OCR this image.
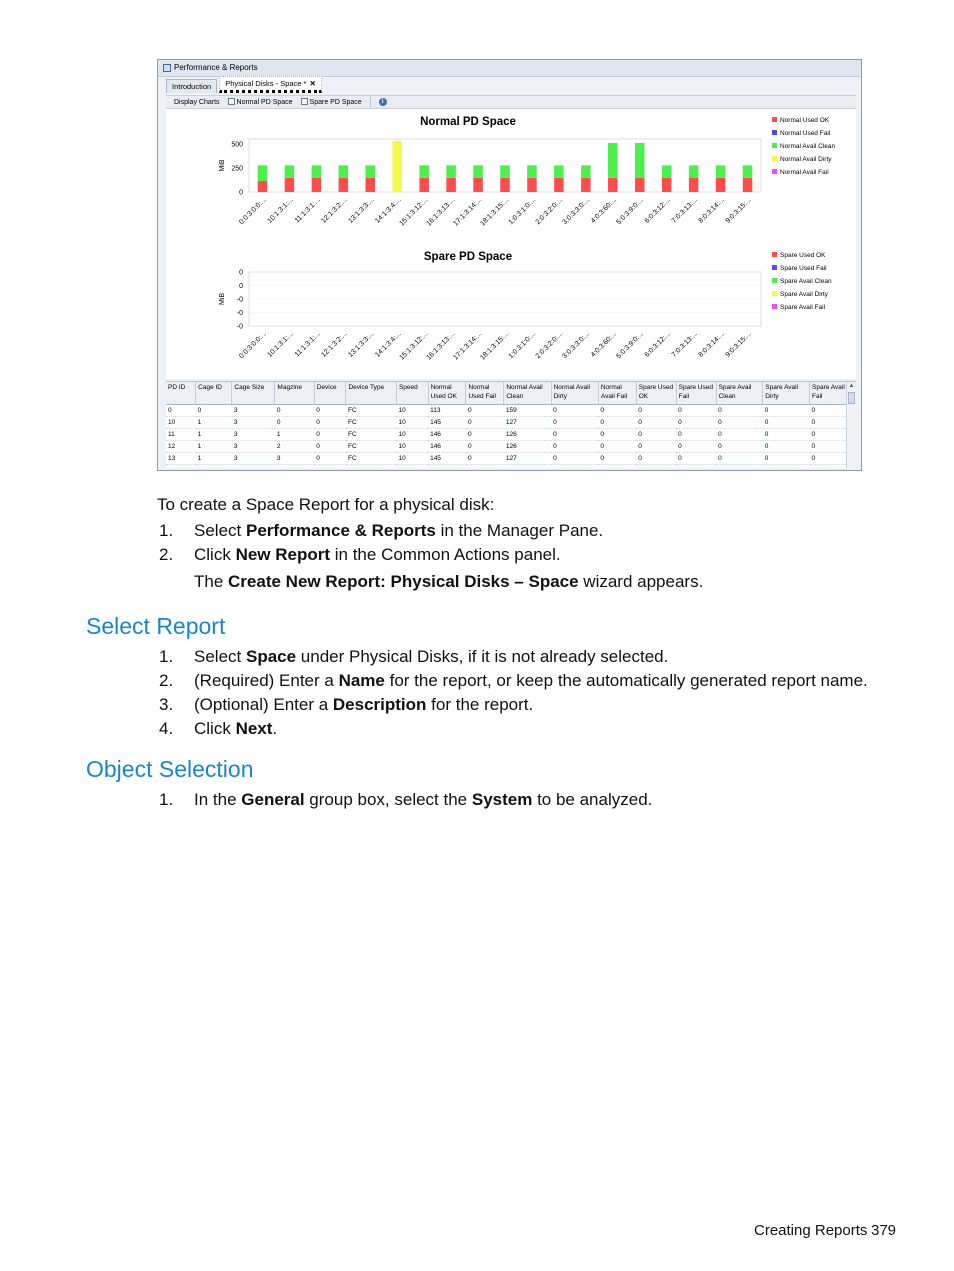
Performance & Reports
Introduction	Physical Disks - Space * ✕
Display Charts	Normal PD Space	Spare PD Space	i
Normal PD Space
MiB
500
250
0
0:0:3:0:0:...
10:1:3:1:...
11:1:3:1:...
12:1:3:2:...
13:1:3:3:...
14:1:3:4:...
15:1:3:12:...
16:1:3:13:...
17:1:3:14:...
18:1:3:15:...
1:0:3:1:0:...
2:0:3:2:0:...
3:0:3:3:0:...
4:0:3:60:...
5:0:3:9:0:...
6:0:3:12:...
7:0:3:13:...
8:0:3:14:...
9:0:3:15:...
Normal Used OK
Normal Used Fail
Normal Avail Clean
Normal Avail Dirty
Normal Avail Fail
Spare PD Space
MiB
0
0
-0
-0
-0
0:0:3:0:0:...
10:1:3:1:...
11:1:3:1:...
12:1:3:2:...
13:1:3:3:...
14:1:3:4:...
15:1:3:12:...
16:1:3:13:...
17:1:3:14:...
18:1:3:15:...
1:0:3:1:0:...
2:0:3:2:0:...
3:0:3:3:0:...
4:0:3:60:...
5:0:3:9:0:...
6:0:3:12:...
7:0:3:13:...
8:0:3:14:...
9:0:3:15:...
Spare Used OK
Spare Used Fail
Spare Avail Clean
Spare Avail Dirty
Spare Avail Fail
PD ID	Cage ID	Cage Size	Magzine	Device	Device Type	Speed	Normal Used OK	Normal Used Fail	Normal Avail Clean	Normal Avail Dirty	Normal Avail Fail	Spare Used OK	Spare Used Fail	Spare Avail Clean	Spare Avail Dirty	Spare Avail Fail
0	0	3	0	0	FC	10	113	0	159	0	0	0	0	0	0	0
10	1	3	0	0	FC	10	145	0	127	0	0	0	0	0	0	0
11	1	3	1	0	FC	10	146	0	126	0	0	0	0	0	0	0
12	1	3	2	0	FC	10	146	0	126	0	0	0	0	0	0	0
13	1	3	3	0	FC	10	145	0	127	0	0	0	0	0	0	0
▲
To create a Space Report for a physical disk:
1. Select Performance & Reports in the Manager Pane.
2. Click New Report in the Common Actions panel.
The Create New Report: Physical Disks – Space wizard appears.
Select Report
1. Select Space under Physical Disks, if it is not already selected.
2. (Required) Enter a Name for the report, or keep the automatically generated report name.
3. (Optional) Enter a Description for the report.
4. Click Next.
Object Selection
1. In the General group box, select the System to be analyzed.
Creating Reports 379
